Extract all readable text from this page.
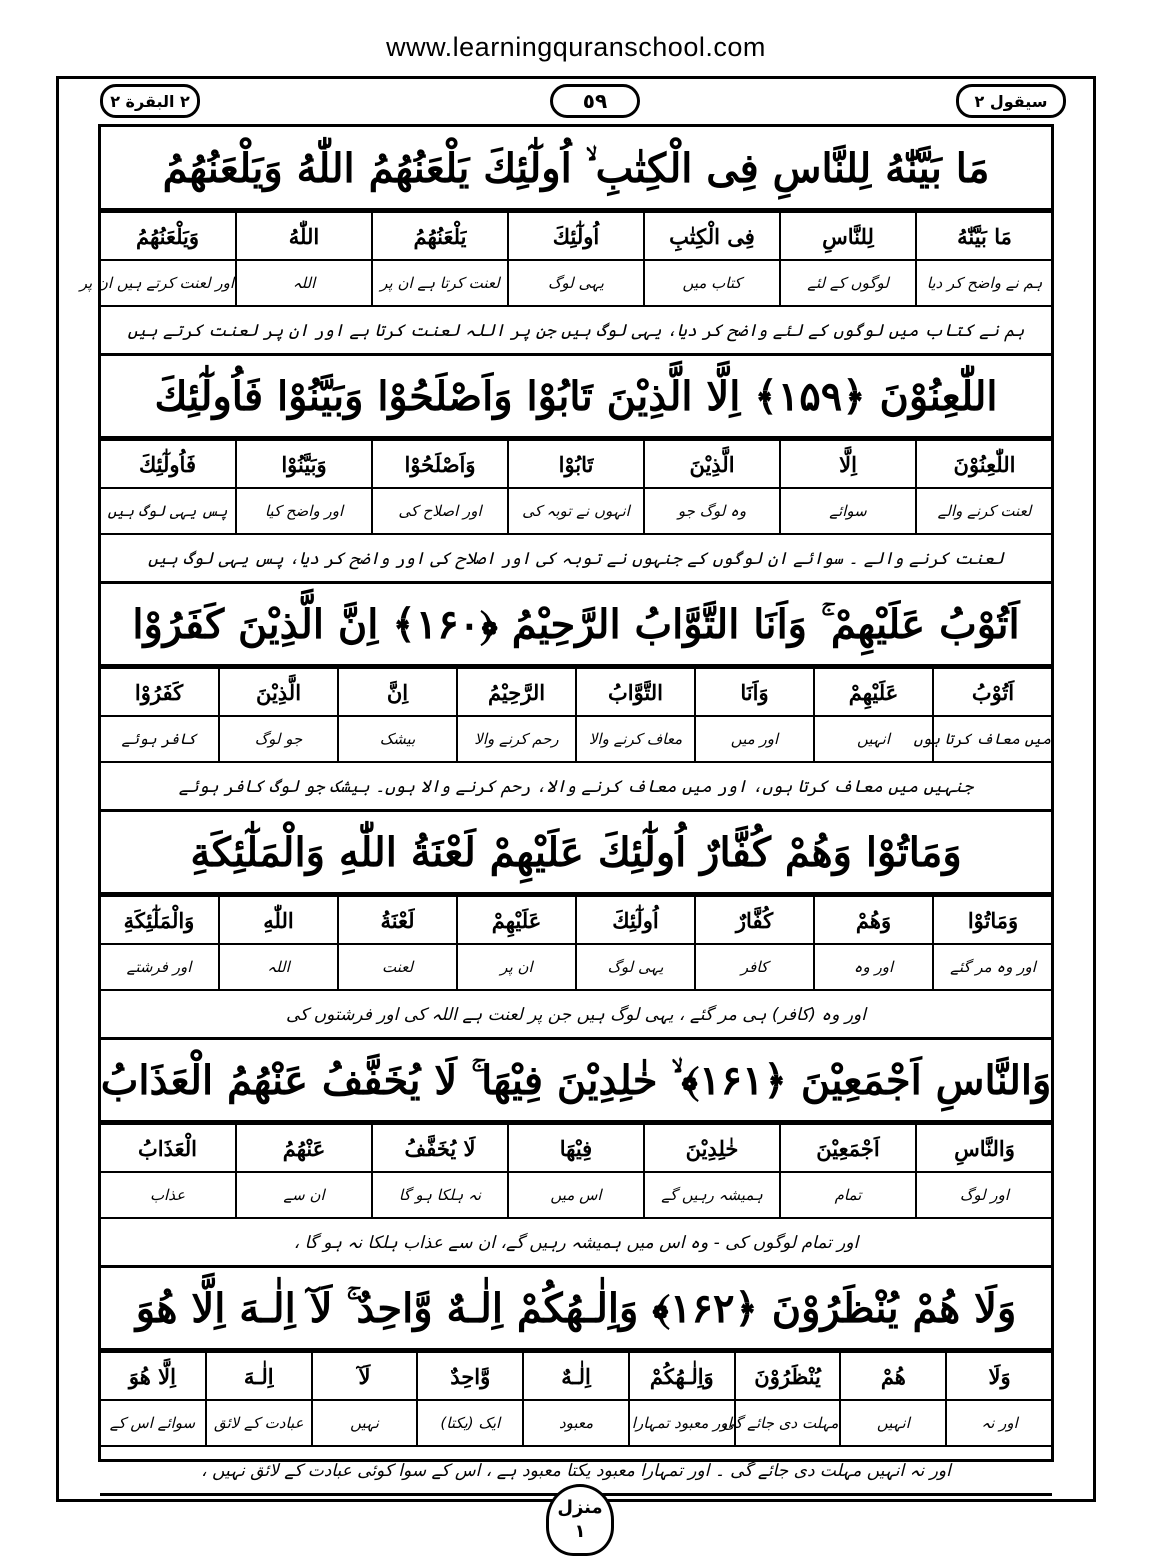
www.learningquranschool.com
٢ البقرة ٢	٥٩	سیقول ٢
مَا بَيَّنّٰهُ لِلنَّاسِ فِى الْكِتٰبِ ۙ اُولٰٓئِكَ يَلْعَنُهُمُ اللّٰهُ وَيَلْعَنُهُمُ
مَا بَيَّنّٰهُ	لِلنَّاسِ	فِى الْكِتٰبِ	اُولٰٓئِكَ	يَلْعَنُهُمُ	اللّٰهُ	وَيَلْعَنُهُمُ
ہم نے واضح کر دیا	لوگوں کے لئے	کتاب میں	یہی لوگ	لعنت کرتا ہے ان پر	اللہ	اور لعنت کرتے ہیں ان پر
ہم نے کتاب میں لوگوں کے لئے واضح کر دیا، یہی لوگ ہیں جن پر اللہ لعنت کرتا ہے اور ان پر لعنت کرتے ہیں
اللّٰعِنُوْنَ ﴿۱۵۹﴾ اِلَّا الَّذِيْنَ تَابُوْا وَاَصْلَحُوْا وَبَيَّنُوْا فَاُولٰٓئِكَ
اللّٰعِنُوْنَ	اِلَّا	الَّذِيْنَ	تَابُوْا	وَاَصْلَحُوْا	وَبَيَّنُوْا	فَاُولٰٓئِكَ
لعنت کرنے والے	سوائے	وہ لوگ جو	انہوں نے توبہ کی	اور اصلاح کی	اور واضح کیا	پس یہی لوگ ہیں
لعنت کرنے والے ۔ سوائے ان لوگوں کے جنہوں نے توبہ کی اور اصلاح کی اور واضح کر دیا، پس یہی لوگ ہیں
اَتُوْبُ عَلَيْهِمْ ۚ وَاَنَا التَّوَّابُ الرَّحِيْمُ ﴿۱۶۰﴾ اِنَّ الَّذِيْنَ كَفَرُوْا
اَتُوْبُ	عَلَيْهِمْ	وَاَنَا	التَّوَّابُ	الرَّحِيْمُ	اِنَّ	الَّذِيْنَ	كَفَرُوْا
میں معاف کرتا ہوں	انہیں	اور میں	معاف کرنے والا	رحم کرنے والا	بیشک	جو لوگ	کافر ہوئے
جنہیں میں معاف کرتا ہوں، اور میں معاف کرنے والا، رحم کرنے والا ہوں۔ بیشک جو لوگ کافر ہوئے
وَمَاتُوْا وَهُمْ كُفَّارٌ اُولٰٓئِكَ عَلَيْهِمْ لَعْنَةُ اللّٰهِ وَالْمَلٰٓئِكَةِ
وَمَاتُوْا	وَهُمْ	كُفَّارٌ	اُولٰٓئِكَ	عَلَيْهِمْ	لَعْنَةُ	اللّٰهِ	وَالْمَلٰٓئِكَةِ
اور وہ مر گئے	اور وہ	کافر	یہی لوگ	ان پر	لعنت	اللہ	اور فرشتے
اور وہ (کافر) ہی مر گئے ، یہی لوگ ہیں جن پر لعنت ہے اللہ کی اور فرشتوں کی
وَالنَّاسِ اَجْمَعِيْنَ ﴿۱۶۱﴾ ۙ خٰلِدِيْنَ فِيْهَا ۚ لَا يُخَفَّفُ عَنْهُمُ الْعَذَابُ
وَالنَّاسِ	اَجْمَعِيْنَ	خٰلِدِيْنَ	فِيْهَا	لَا يُخَفَّفُ	عَنْهُمُ	الْعَذَابُ
اور لوگ	تمام	ہمیشہ رہیں گے	اس میں	نہ ہلکا ہو گا	ان سے	عذاب
اور تمام لوگوں کی - وہ اس میں ہمیشہ رہیں گے، ان سے عذاب ہلکا نہ ہو گا ،
وَلَا هُمْ يُنْظَرُوْنَ ﴿۱۶۲﴾ وَاِلٰـهُكُمْ اِلٰـهٌ وَّاحِدٌ ۚ لَآ اِلٰـهَ اِلَّا هُوَ
وَلَا	هُمْ	يُنْظَرُوْنَ	وَاِلٰـهُكُمْ	اِلٰـهٌ	وَّاحِدٌ	لَآ	اِلٰـهَ	اِلَّا هُوَ
اور نہ	انہیں	مہلت دی جائے گی	اور معبود تمہارا	معبود	ایک (یکتا)	نہیں	عبادت کے لائق	سوائے اس کے
اور نہ انہیں مہلت دی جائے گی ۔ اور تمہارا معبود یکتا معبود ہے ، اس کے سوا کوئی عبادت کے لائق نہیں ،
منزل
١
